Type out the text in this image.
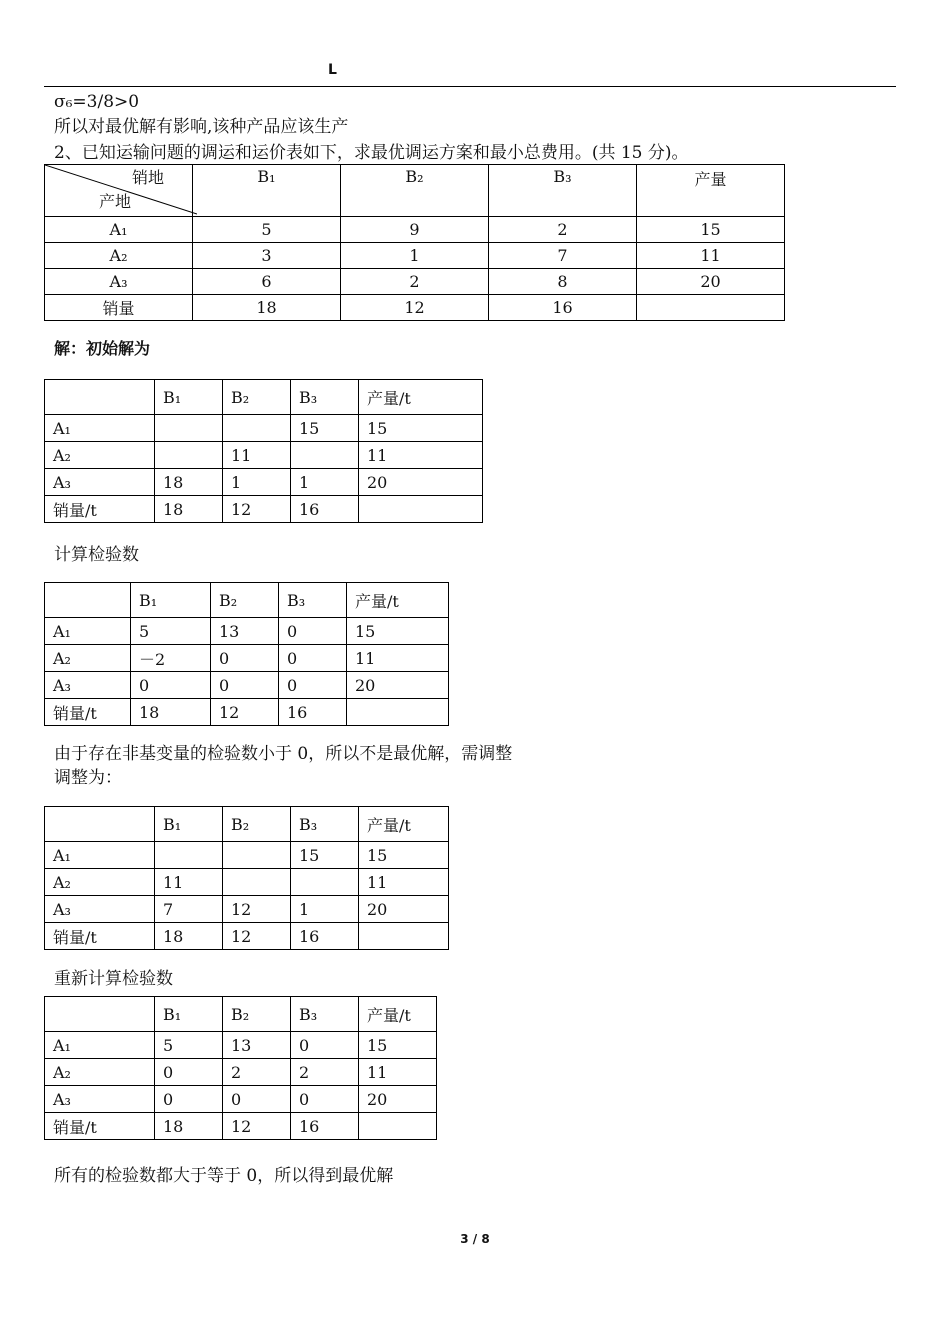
L
σ₆=3/8>0
所以对最优解有影响,该种产品应该生产
2、已知运输问题的调运和运价表如下，求最优调运方案和最小总费用。(共 15 分)。
销地
产地	B₁	B₂	B₃	产量
A₁	5	9	2	15
A₂	3	1	7	11
A₃	6	2	8	20
销量	18	12	16	
解：初始解为
	B₁	B₂	B₃	产量/t
A₁			15	15
A₂		11		11
A₃	18	1	1	20
销量/t	18	12	16	
计算检验数
	B₁	B₂	B₃	产量/t
A₁	5	13	0	15
A₂	－2	0	0	11
A₃	0	0	0	20
销量/t	18	12	16	
由于存在非基变量的检验数小于 0，所以不是最优解，需调整
调整为：
	B₁	B₂	B₃	产量/t
A₁			15	15
A₂	11			11
A₃	7	12	1	20
销量/t	18	12	16	
重新计算检验数
	B₁	B₂	B₃	产量/t
A₁	5	13	0	15
A₂	0	2	2	11
A₃	0	0	0	20
销量/t	18	12	16	
所有的检验数都大于等于 0，所以得到最优解
3 / 8
